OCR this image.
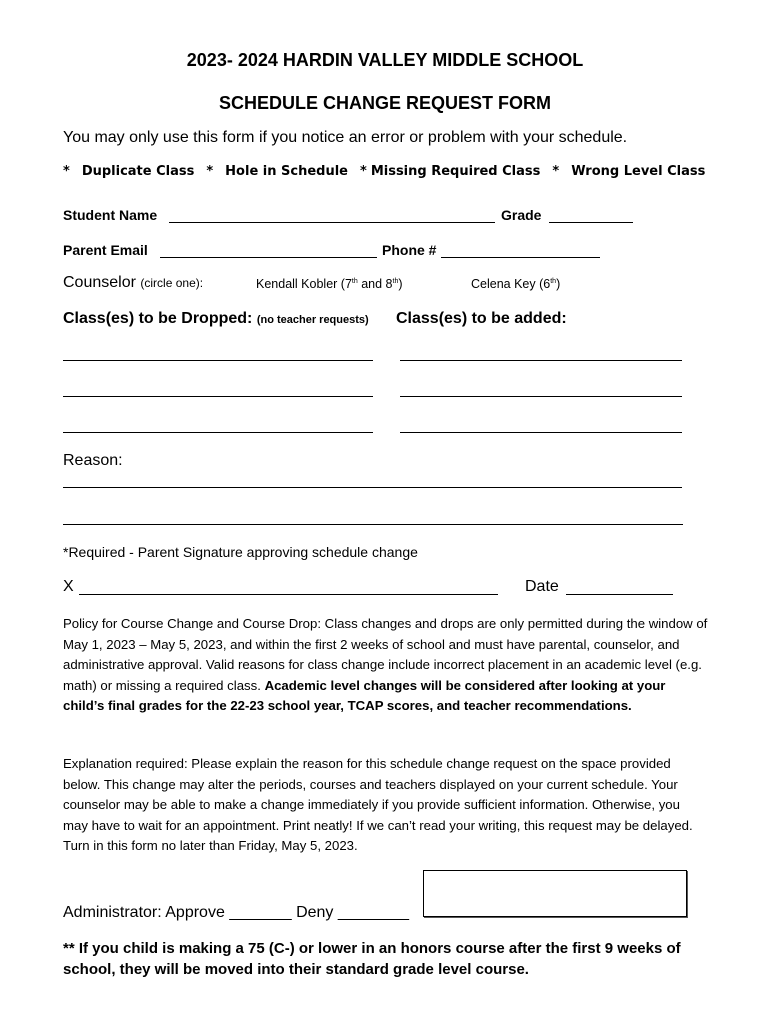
2023- 2024 HARDIN VALLEY MIDDLE SCHOOL
SCHEDULE CHANGE REQUEST FORM
You may only use this form if you notice an error or problem with your schedule.
* Duplicate Class * Hole in Schedule * Missing Required Class * Wrong Level Class
Student Name	Grade
Parent Email	Phone #
Counselor (circle one):	Kendall Kobler (7th and 8th)	Celena Key (6th)
Class(es) to be Dropped: (no teacher requests) Class(es) to be added:
Reason:
*Required - Parent Signature approving schedule change
X	Date
Policy for Course Change and Course Drop: Class changes and drops are only permitted during the window of May 1, 2023 – May 5, 2023, and within the first 2 weeks of school and must have parental, counselor, and administrative approval. Valid reasons for class change include incorrect placement in an academic level (e.g. math) or missing a required class. Academic level changes will be considered after looking at your child’s final grades for the 22-23 school year, TCAP scores, and teacher recommendations.
Explanation required: Please explain the reason for this schedule change request on the space provided below. This change may alter the periods, courses and teachers displayed on your current schedule. Your counselor may be able to make a change immediately if you provide sufficient information. Otherwise, you may have to wait for an appointment. Print neatly! If we can’t read your writing, this request may be delayed. Turn in this form no later than Friday, May 5, 2023.
Administrator: Approve _______ Deny ________
** If you child is making a 75 (C-) or lower in an honors course after the first 9 weeks of school, they will be moved into their standard grade level course.
